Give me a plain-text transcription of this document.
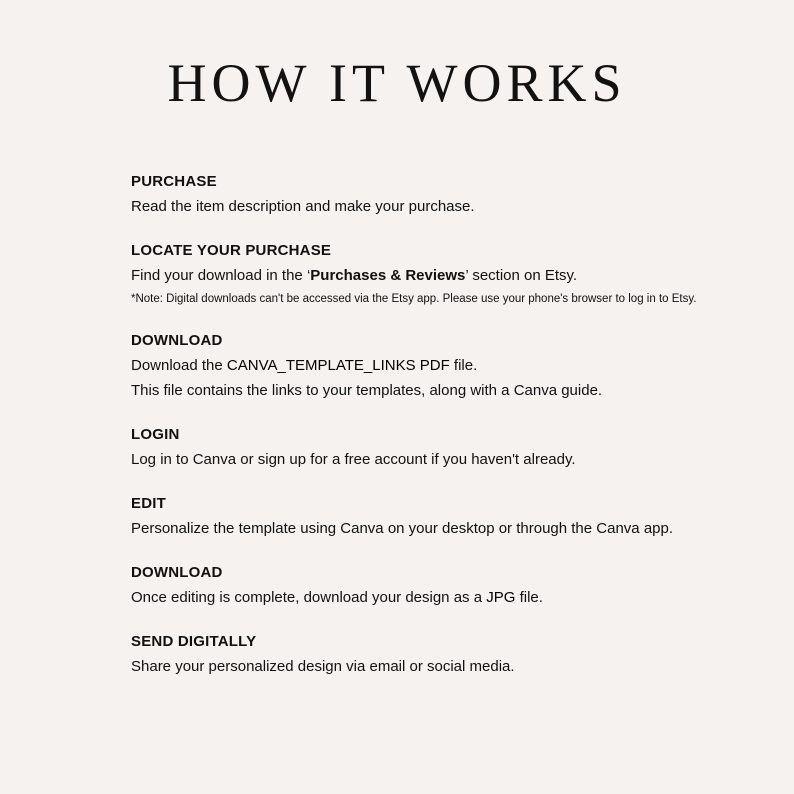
HOW IT WORKS
PURCHASE
Read the item description and make your purchase.
LOCATE YOUR PURCHASE
Find your download in the ‘Purchases & Reviews’ section on Etsy.
*Note: Digital downloads can't be accessed via the Etsy app. Please use your phone's browser to log in to Etsy.
DOWNLOAD
Download the CANVA_TEMPLATE_LINKS PDF file.
This file contains the links to your templates, along with a Canva guide.
LOGIN
Log in to Canva or sign up for a free account if you haven't already.
EDIT
Personalize the template using Canva on your desktop or through the Canva app.
DOWNLOAD
Once editing is complete, download your design as a JPG file.
SEND DIGITALLY
Share your personalized design via email or social media.
